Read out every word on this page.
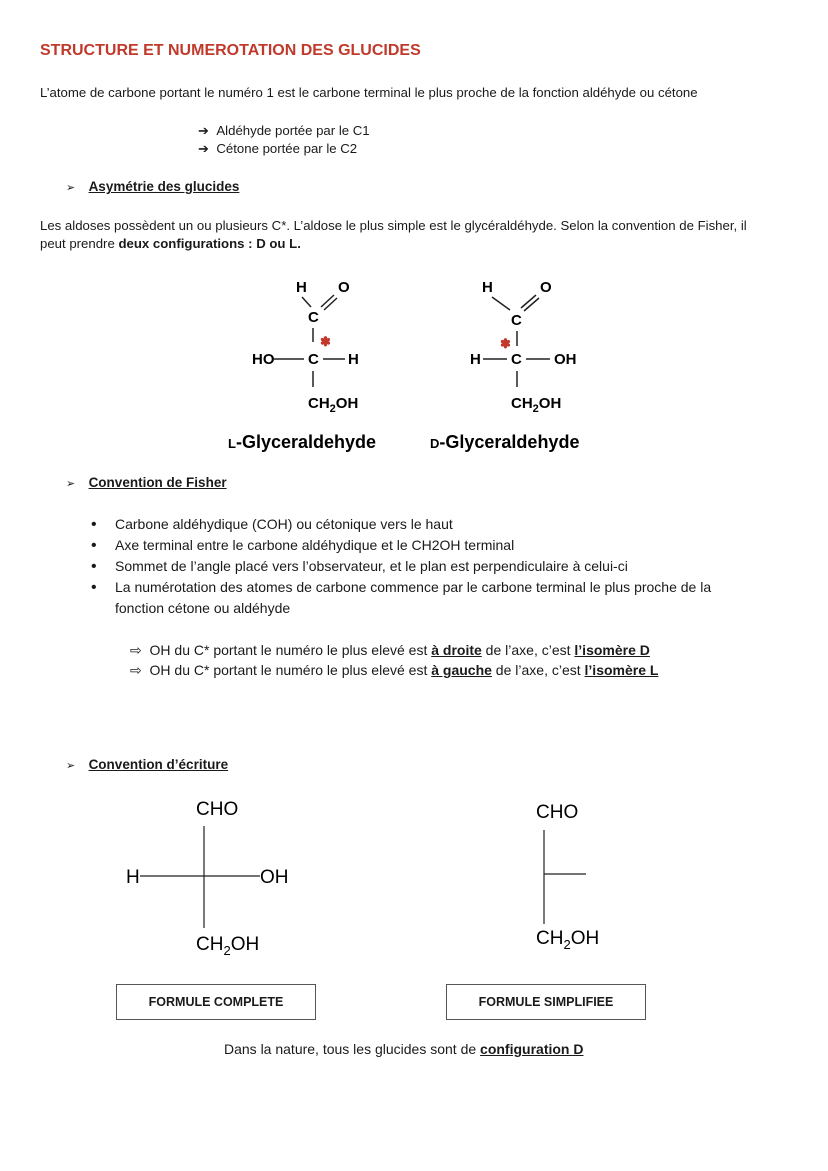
STRUCTURE ET NUMEROTATION DES GLUCIDES
L’atome de carbone portant le numéro 1 est le carbone terminal le plus proche de la fonction aldéhyde ou cétone
➔ Aldéhyde portée par le C1
➔ Cétone portée par le C2
➢ Asymétrie des glucides
Les aldoses possèdent un ou plusieurs C*. L’aldose le plus simple est le glycéraldéhyde. Selon la convention de Fisher, il
peut prendre deux configurations : D ou L.
H O
C
✽
HO C H
$CH_2OH$
L-Glyceraldehyde
H	O
C
✽
H C OH
$CH_2OH$
D-Glyceraldehyde
➢ Convention de Fisher
• Carbone aldéhydique (COH) ou cétonique vers le haut
• Axe terminal entre le carbone aldéhydique et le CH2OH terminal
• Sommet de l’angle placé vers l’observateur, et le plan est perpendiculaire à celui-ci
• La numérotation des atomes de carbone commence par le carbone terminal le plus proche de la
fonction cétone ou aldéhyde
⇨ OH du C* portant le numéro le plus elevé est à droite de l’axe, c’est l’isomère D
⇨ OH du C* portant le numéro le plus elevé est à gauche de l’axe, c’est l’isomère L
➢ Convention d’écriture
CHO
H	OH
$CH_2OH$
CHO
$CH_2OH$
FORMULE COMPLETE	FORMULE SIMPLIFIEE
Dans la nature, tous les glucides sont de configuration D
